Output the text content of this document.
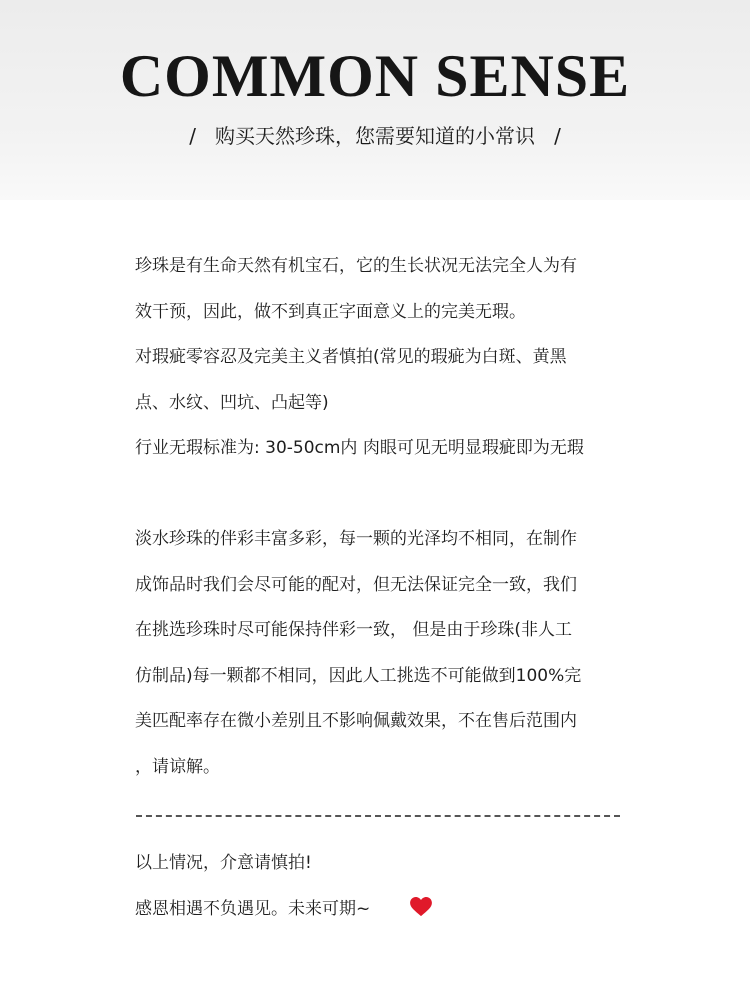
COMMON SENSE
/   购买天然珍珠，您需要知道的小常识   /
珍珠是有生命天然有机宝石，它的生长状况无法完全人为有
效干预，因此，做不到真正字面意义上的完美无瑕。
对瑕疵零容忍及完美主义者慎拍(常见的瑕疵为白斑、黄黑
点、水纹、凹坑、凸起等)
行业无瑕标准为: 30-50cm内 肉眼可见无明显瑕疵即为无瑕
淡水珍珠的伴彩丰富多彩，每一颗的光泽均不相同，在制作
成饰品时我们会尽可能的配对，但无法保证完全一致，我们
在挑选珍珠时尽可能保持伴彩一致， 但是由于珍珠(非人工
仿制品)每一颗都不相同，因此人工挑选不可能做到100%完
美匹配率存在微小差别且不影响佩戴效果，不在售后范围内
，请谅解。
以上情况，介意请慎拍!
感恩相遇不负遇见。未来可期~
